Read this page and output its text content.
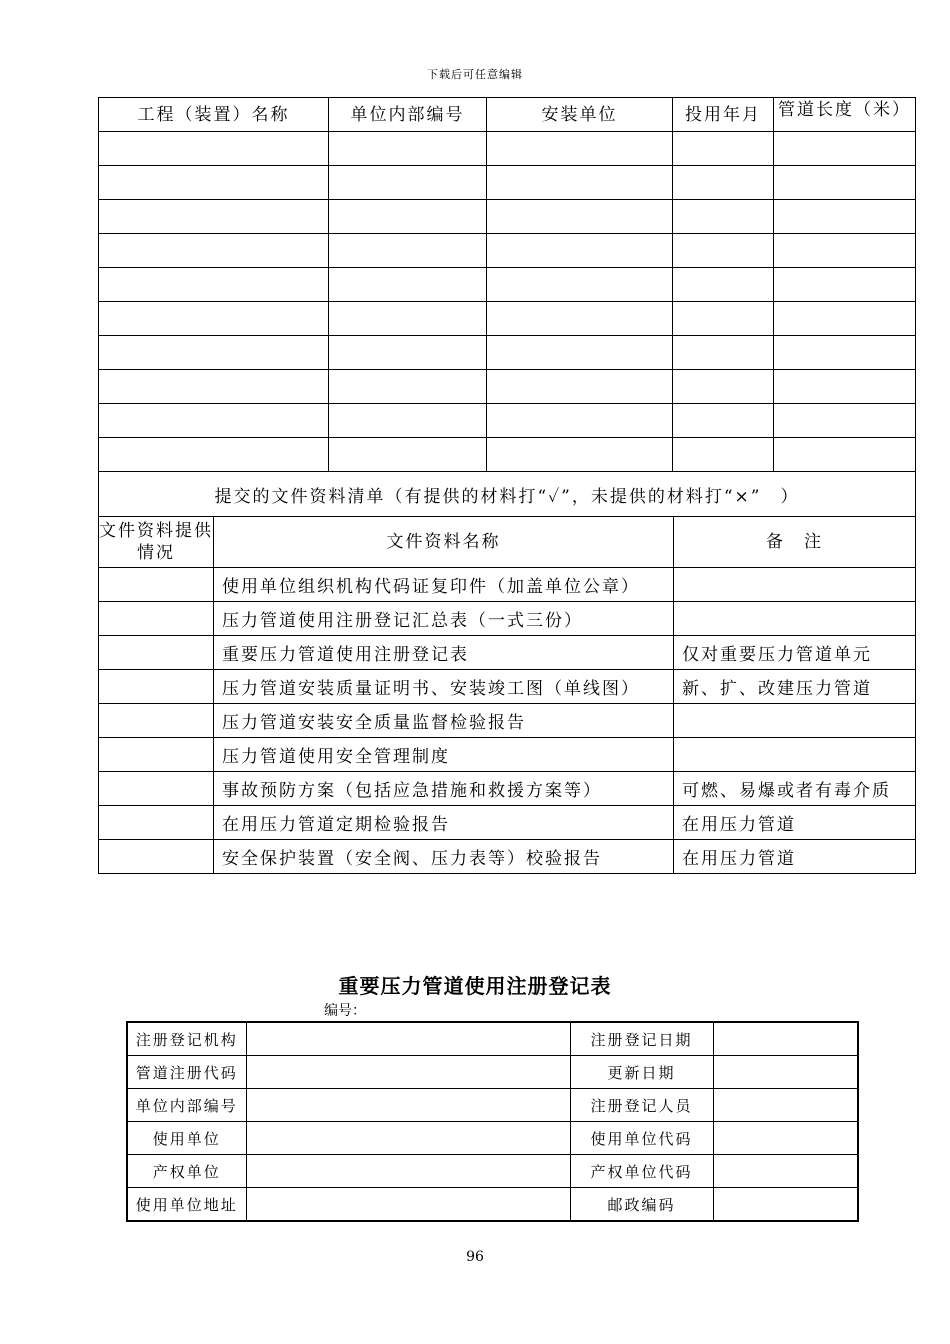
下载后可任意编辑
工程（装置）名称	单位内部编号	安装单位	投用年月	管道长度（米）

提交的文件资料清单（有提供的材料打“✓”，未提供的材料打“×”　）		
文件资料提供情况	文件资料名称	备　注
	使用单位组织机构代码证复印件（加盖单位公章）	
	压力管道使用注册登记汇总表（一式三份）	
	重要压力管道使用注册登记表	仅对重要压力管道单元
	压力管道安装质量证明书、安装竣工图（单线图）	新、扩、改建压力管道
	压力管道安装安全质量监督检验报告	
	压力管道使用安全管理制度	
	事故预防方案（包括应急措施和救援方案等）	可燃、易爆或者有毒介质
	在用压力管道定期检验报告	在用压力管道
	安全保护装置（安全阀、压力表等）校验报告	在用压力管道
重要压力管道使用注册登记表
编号：
注册登记机构		注册登记日期	
管道注册代码		更新日期	
单位内部编号		注册登记人员	
使用单位		使用单位代码	
产权单位		产权单位代码	
使用单位地址		邮政编码	
96
